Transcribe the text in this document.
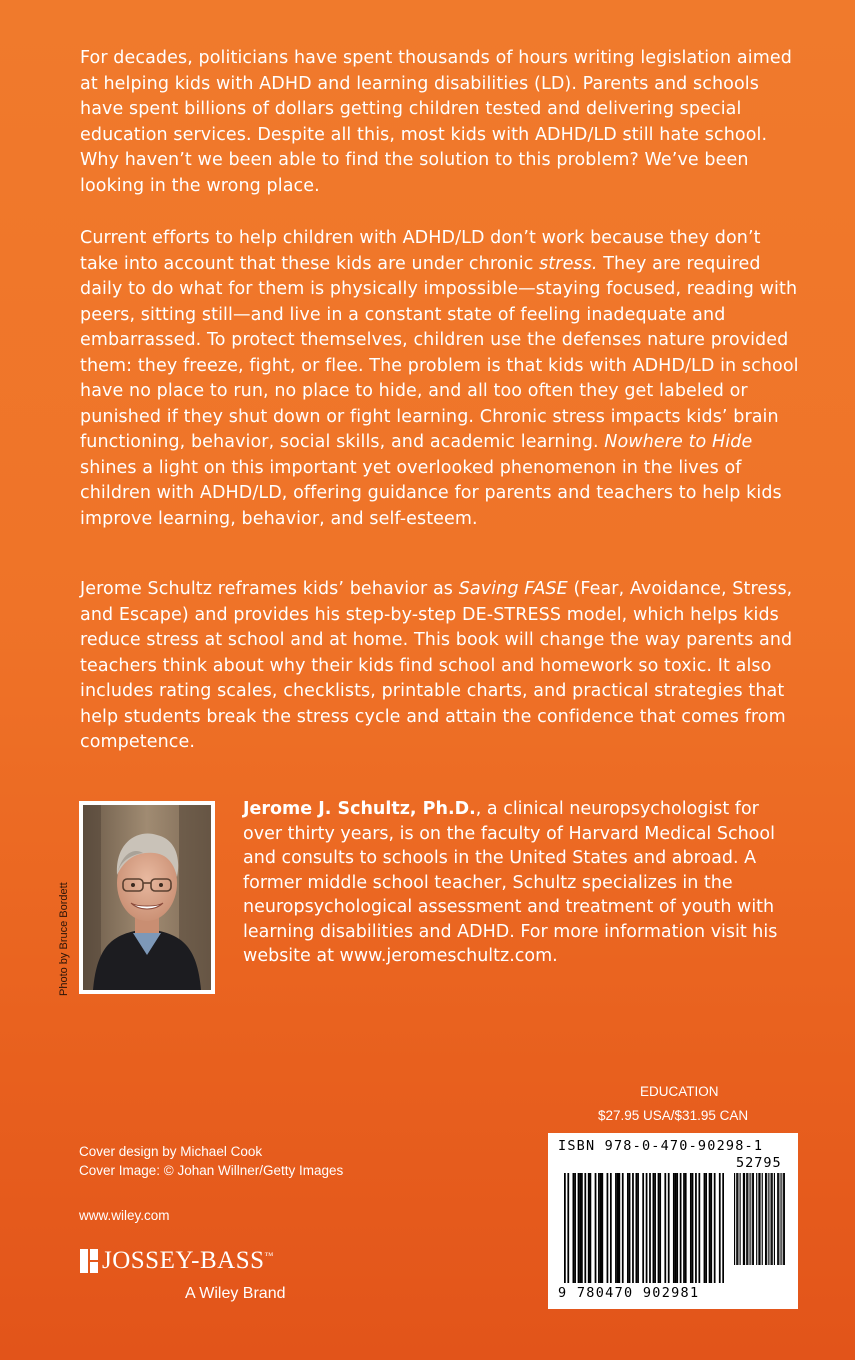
For decades, politicians have spent thousands of hours writing legislation aimed at helping kids with ADHD and learning disabilities (LD). Parents and schools have spent billions of dollars getting children tested and delivering special education services. Despite all this, most kids with ADHD/LD still hate school. Why haven’t we been able to find the solution to this problem? We’ve been looking in the wrong place.

Current efforts to help children with ADHD/LD don’t work because they don’t take into account that these kids are under chronic stress. They are required daily to do what for them is physically impossible—staying focused, reading with peers, sitting still—and live in a constant state of feeling inadequate and embarrassed. To protect themselves, children use the defenses nature provided them: they freeze, fight, or flee. The problem is that kids with ADHD/LD in school have no place to run, no place to hide, and all too often they get labeled or punished if they shut down or fight learning. Chronic stress impacts kids’ brain functioning, behavior, social skills, and academic learning. Nowhere to Hide shines a light on this important yet overlooked phenomenon in the lives of children with ADHD/LD, offering guidance for parents and teachers to help kids improve learning, behavior, and self-esteem.

Jerome Schultz reframes kids’ behavior as Saving FASE (Fear, Avoidance, Stress, and Escape) and provides his step-by-step DE-STRESS model, which helps kids reduce stress at school and at home. This book will change the way parents and teachers think about why their kids find school and homework so toxic. It also includes rating scales, checklists, printable charts, and practical strategies that help students break the stress cycle and attain the confidence that comes from competence.

Photo by Bruce Bordett

Jerome J. Schultz, Ph.D., a clinical neuropsychologist for over thirty years, is on the faculty of Harvard Medical School and consults to schools in the United States and abroad. A former middle school teacher, Schultz specializes in the neuropsychological assessment and treatment of youth with learning disabilities and ADHD. For more information visit his website at www.jeromeschultz.com.

EDUCATION

$27.95 USA/$31.95 CAN

Cover design by Michael Cook

Cover Image: © Johan Willner/Getty Images

www.wiley.com

ISBN 978-0-470-90298-1
52795
9 780470 902981
JOSSEY-BASS™
A Wiley Brand
